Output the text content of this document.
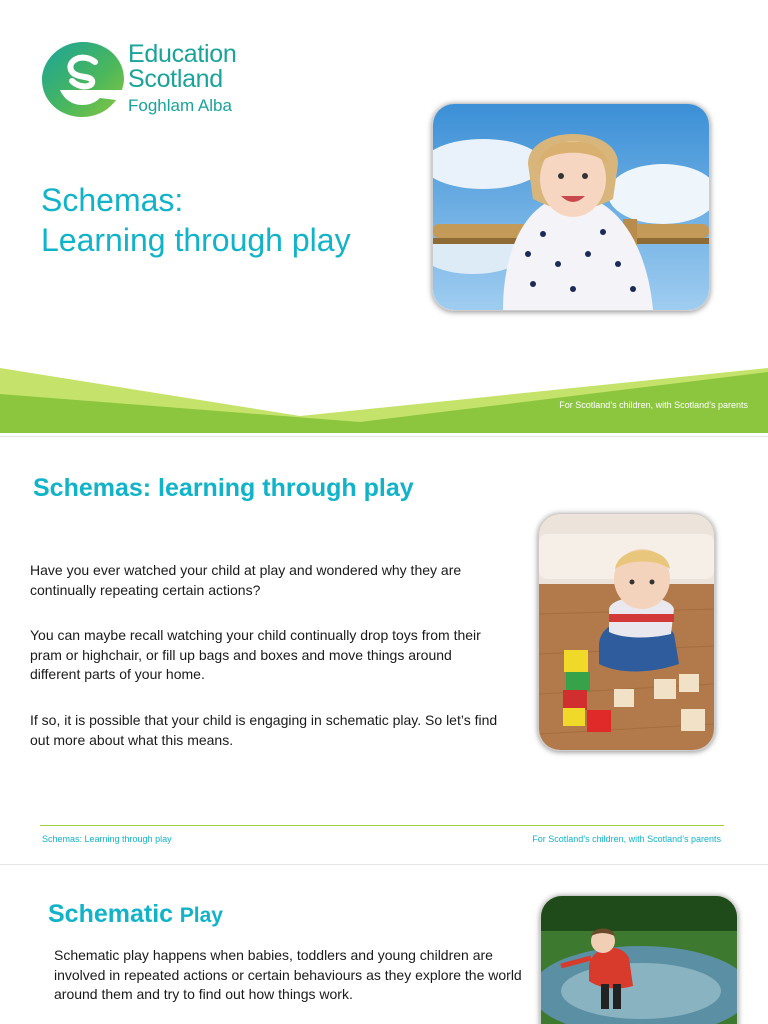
Education
Scotland
Foghlam Alba
Schemas:
Learning through play
For Scotland’s children, with Scotland’s parents
Schemas: learning through play

Have you ever watched your child at play and wondered why they are continually repeating certain actions?

You can maybe recall watching your child continually drop toys from their pram or highchair, or fill up bags and boxes and move things around different parts of your home.

If so, it is possible that your child is engaging in schematic play. So let’s find out more about what this means.

Schemas: Learning through play	For Scotland’s children, with Scotland’s parents
Schematic Play

Schematic play happens when babies, toddlers and young children are involved in repeated actions or certain behaviours as they explore the world around them and try to find out how things work.
